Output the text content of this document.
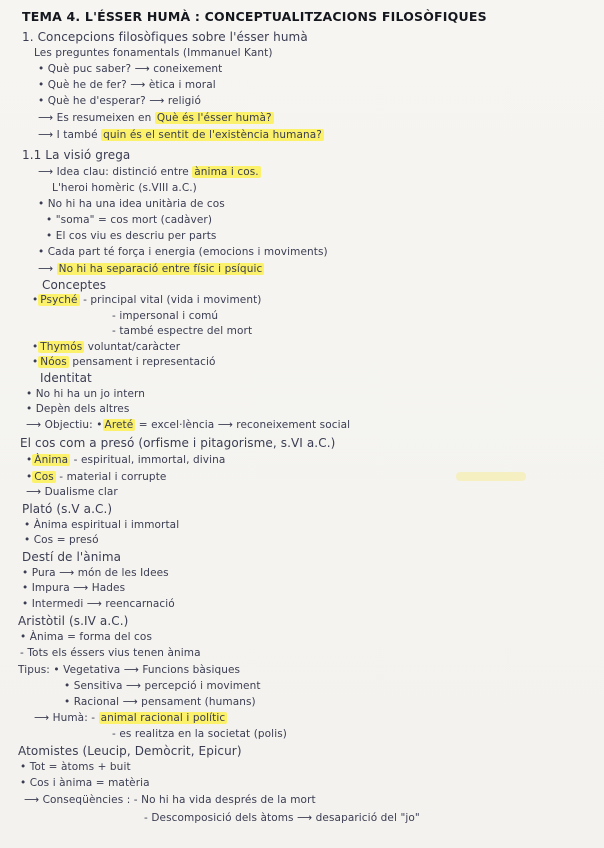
TEMA 4. L'ÉSSER HUMÀ : CONCEPTUALITZACIONS FILOSÒFIQUES
1. Concepcions filosòfiques sobre l'ésser humà
Les preguntes fonamentals (Immanuel Kant)
• Què puc saber? ⟶ coneixement
• Què he de fer? ⟶ ètica i moral
• Què he d'esperar? ⟶ religió
⟶ Es resumeixen en Què és l'ésser humà?
⟶ I també quin és el sentit de l'existència humana?
1.1 La visió grega
⟶ Idea clau: distinció entre ànima i cos.
L'heroi homèric (s.VIII a.C.)
• No hi ha una idea unitària de cos
• "soma" = cos mort (cadàver)
• El cos viu es descriu per parts
• Cada part té força i energia (emocions i moviments)
⟶ No hi ha separació entre físic i psíquic
Conceptes
• Psyché - principal vital (vida i moviment)
- impersonal i comú
- també espectre del mort
• Thymós voluntat/caràcter
• Nóos pensament i representació
Identitat
• No hi ha un jo intern
• Depèn dels altres
⟶ Objectiu: • Areté = excel·lència ⟶ reconeixement social
El cos com a presó (orfisme i pitagorisme, s.VI a.C.)
• Ànima - espiritual, immortal, divina
• Cos - material i corrupte
⟶ Dualisme clar
Plató (s.V a.C.)
• Ànima espiritual i immortal
• Cos = presó
Destí de l'ànima
• Pura ⟶ món de les Idees
• Impura ⟶ Hades
• Intermedi ⟶ reencarnació
Aristòtil (s.IV a.C.)
• Ànima = forma del cos
- Tots els éssers vius tenen ànima
Tipus: • Vegetativa ⟶ Funcions bàsiques
• Sensitiva ⟶ percepció i moviment
• Racional ⟶ pensament (humans)
⟶ Humà: - animal racional i polític
- es realitza en la societat (polis)
Atomistes (Leucip, Demòcrit, Epicur)
• Tot = àtoms + buit
• Cos i ànima = matèria
⟶ Conseqüències : - No hi ha vida després de la mort
- Descomposició dels àtoms ⟶ desaparició del "jo"
